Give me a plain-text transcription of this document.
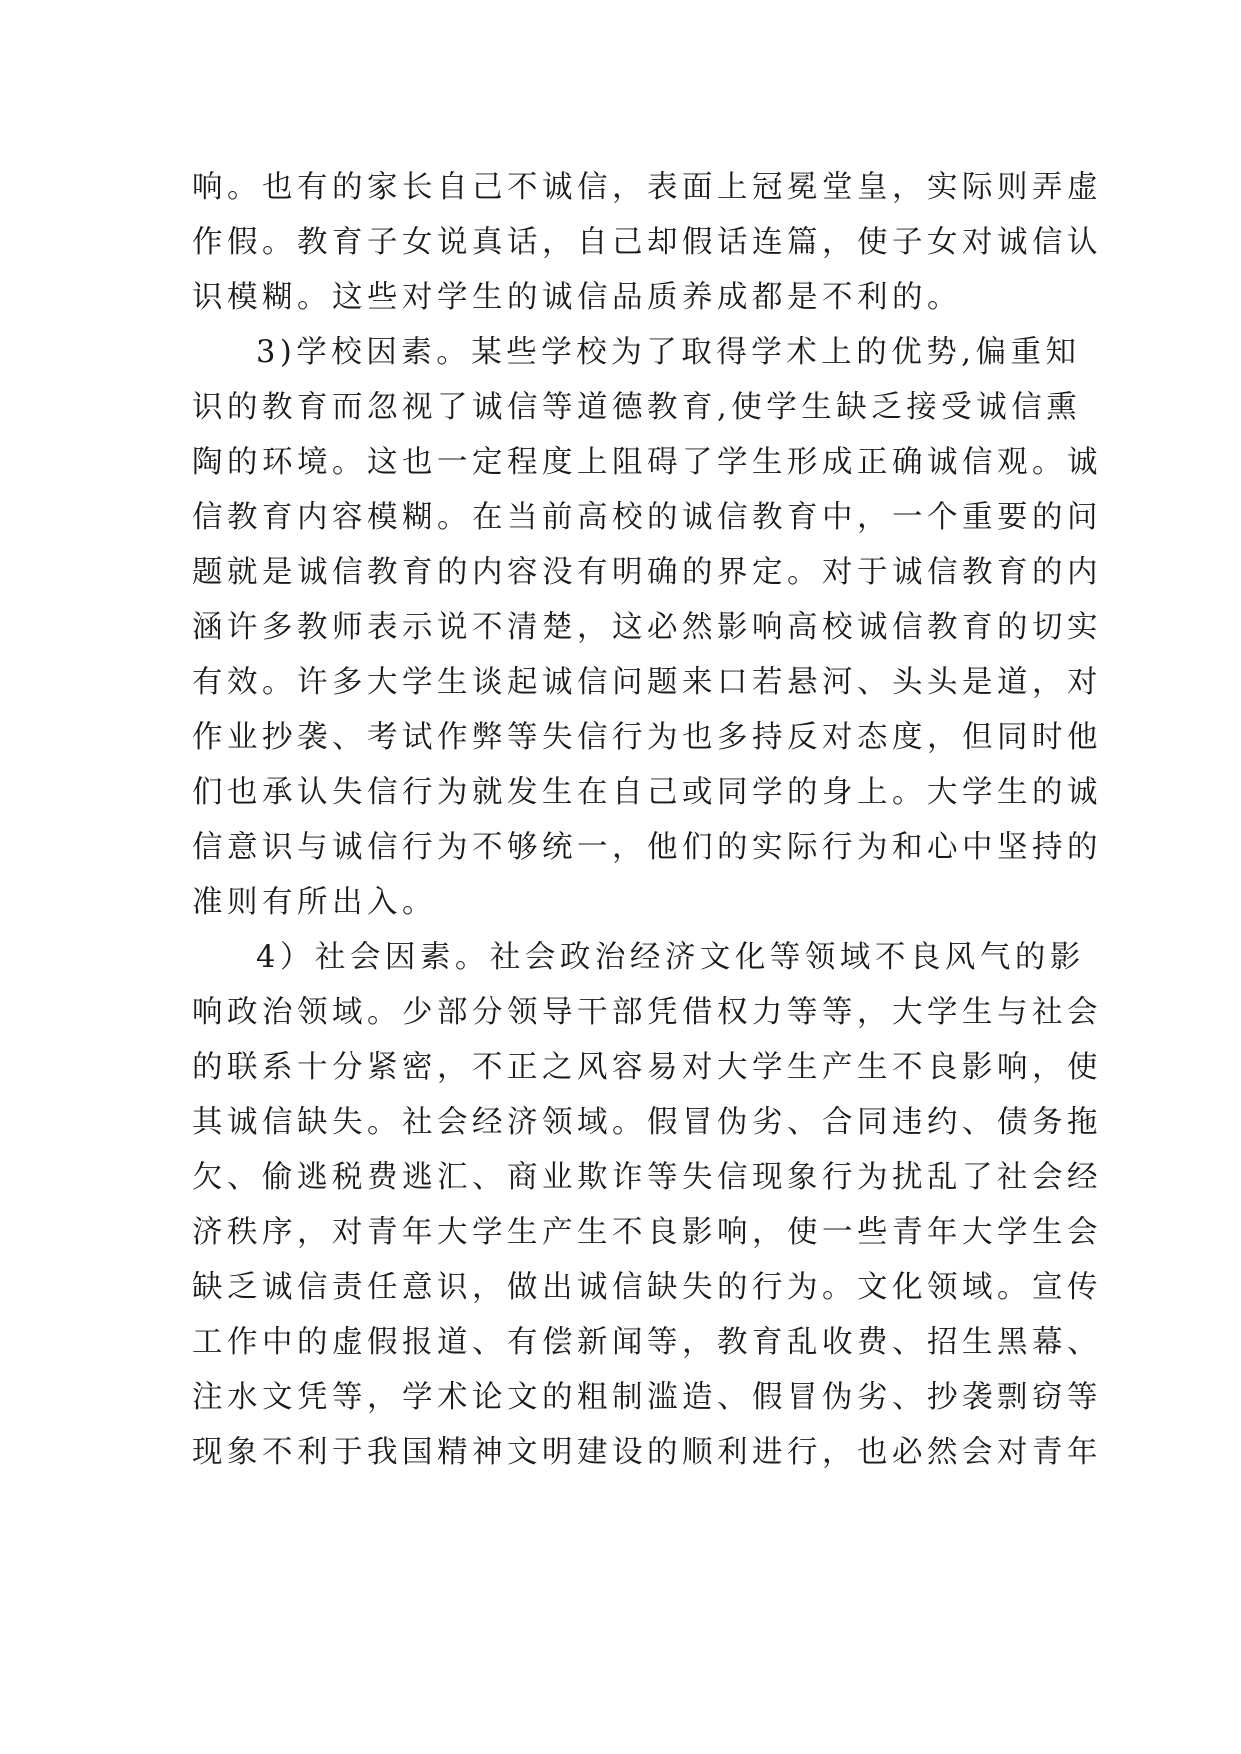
响。也有的家长自己不诚信，表面上冠冕堂皇，实际则弄虚
作假。教育子女说真话，自己却假话连篇，使子女对诚信认
识模糊。这些对学生的诚信品质养成都是不利的。
3)学校因素。某些学校为了取得学术上的优势,偏重知
识的教育而忽视了诚信等道德教育,使学生缺乏接受诚信熏
陶的环境。这也一定程度上阻碍了学生形成正确诚信观。诚
信教育内容模糊。在当前高校的诚信教育中，一个重要的问
题就是诚信教育的内容没有明确的界定。对于诚信教育的内
涵许多教师表示说不清楚，这必然影响高校诚信教育的切实
有效。许多大学生谈起诚信问题来口若悬河、头头是道，对
作业抄袭、考试作弊等失信行为也多持反对态度，但同时他
们也承认失信行为就发生在自己或同学的身上。大学生的诚
信意识与诚信行为不够统一，他们的实际行为和心中坚持的
准则有所出入。
4）社会因素。社会政治经济文化等领域不良风气的影
响政治领域。少部分领导干部凭借权力等等，大学生与社会
的联系十分紧密，不正之风容易对大学生产生不良影响，使
其诚信缺失。社会经济领域。假冒伪劣、合同违约、债务拖
欠、偷逃税费逃汇、商业欺诈等失信现象行为扰乱了社会经
济秩序，对青年大学生产生不良影响，使一些青年大学生会
缺乏诚信责任意识，做出诚信缺失的行为。文化领域。宣传
工作中的虚假报道、有偿新闻等，教育乱收费、招生黑幕、
注水文凭等，学术论文的粗制滥造、假冒伪劣、抄袭剽窃等
现象不利于我国精神文明建设的顺利进行，也必然会对青年
